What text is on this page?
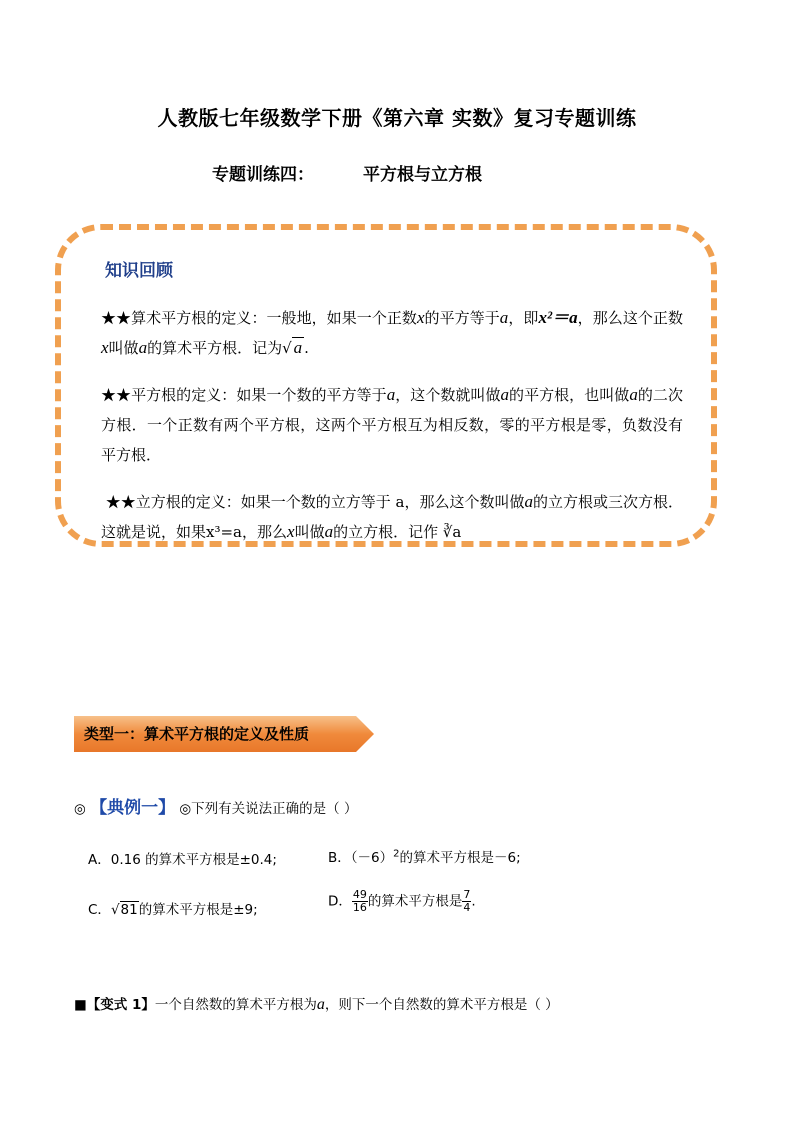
人教版七年级数学下册《第六章 实数》复习专题训练
专题训练四：	平方根与立方根
知识回顾
★★算术平方根的定义：一般地，如果一个正数x的平方等于a，即x²＝a，那么这个正数x叫做a的算术平方根．记为√ a .
★★平方根的定义：如果一个数的平方等于a，这个数就叫做a的平方根，也叫做a的二次方根．一个正数有两个平方根，这两个平方根互为相反数，零的平方根是零，负数没有平方根．
★★立方根的定义：如果一个数的立方等于 a，那么这个数叫做a的立方根或三次方根．这就是说，如果x³=a，那么x叫做a的立方根．记作 ∛a
类型一：算术平方根的定义及性质
◎ 【典例一】 ◎下列有关说法正确的是（ ）
A．0.16 的算术平方根是±0.4;	B．$(-6)^2$的算术平方根是－6;
C．√81的算术平方根是±9;
D． $\frac{49}{16}$ 的算术平方根是 $\frac{7}{4}$ .
■【变式 1】一个自然数的算术平方根为a，则下一个自然数的算术平方根是（ ）
